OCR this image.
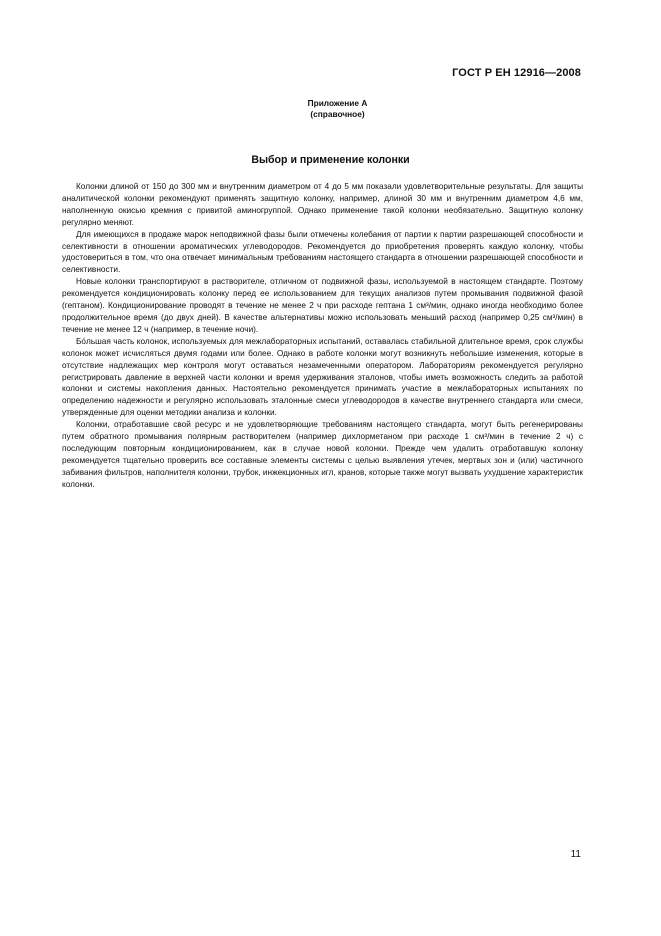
ГОСТ Р ЕН 12916—2008
Приложение А
(справочное)
Выбор и применение колонки

Колонки длиной от 150 до 300 мм и внутренним диаметром от 4 до 5 мм показали удовлетворительные результаты. Для защиты аналитической колонки рекомендуют применять защитную колонку, например, длиной 30 мм и внутренним диаметром 4,6 мм, наполненную окисью кремния с привитой аминогруппой. Однако применение такой колонки необязательно. Защитную колонку регулярно меняют.

Для имеющихся в продаже марок неподвижной фазы были отмечены колебания от партии к партии разрешающей способности и селективности в отношении ароматических углеводородов. Рекомендуется до приобретения проверять каждую колонку, чтобы удостовериться в том, что она отвечает минимальным требованиям настоящего стандарта в отношении разрешающей способности и селективности.

Новые колонки транспортируют в растворителе, отличном от подвижной фазы, используемой в настоящем стандарте. Поэтому рекомендуется кондиционировать колонку перед ее использованием для текущих анализов путем промывания подвижной фазой (гептаном). Кондиционирование проводят в течение не менее 2 ч при расходе гептана 1 см³/мин, однако иногда необходимо более продолжительное время (до двух дней). В качестве альтернативы можно использовать меньший расход (например 0,25 см³/мин) в течение не менее 12 ч (например, в течение ночи).

Бо́льшая часть колонок, используемых для межлабораторных испытаний, оставалась стабильной длительное время, срок службы колонок может исчисляться двумя годами или более. Однако в работе колонки могут возникнуть небольшие изменения, которые в отсутствие надлежащих мер контроля могут оставаться незамеченными оператором. Лабораториям рекомендуется регулярно регистрировать давление в верхней части колонки и время удерживания эталонов, чтобы иметь возможность следить за работой колонки и системы накопления данных. Настоятельно рекомендуется принимать участие в межлабораторных испытаниях по определению надежности и регулярно использовать эталонные смеси углеводородов в качестве внутреннего стандарта или смеси, утвержденные для оценки методики анализа и колонки.

Колонки, отработавшие свой ресурс и не удовлетворяющие требованиям настоящего стандарта, могут быть регенерированы путем обратного промывания полярным растворителем (например дихлорметаном при расходе 1 см³/мин в течение 2 ч) с последующим повторным кондиционированием, как в случае новой колонки. Прежде чем удалить отработавшую колонку рекомендуется тщательно проверить все составные элементы системы с целью выявления утечек, мертвых зон и (или) частичного забивания фильтров, наполнителя колонки, трубок, инжекционных игл, кранов, которые также могут вызвать ухудшение характеристик колонки.

11
